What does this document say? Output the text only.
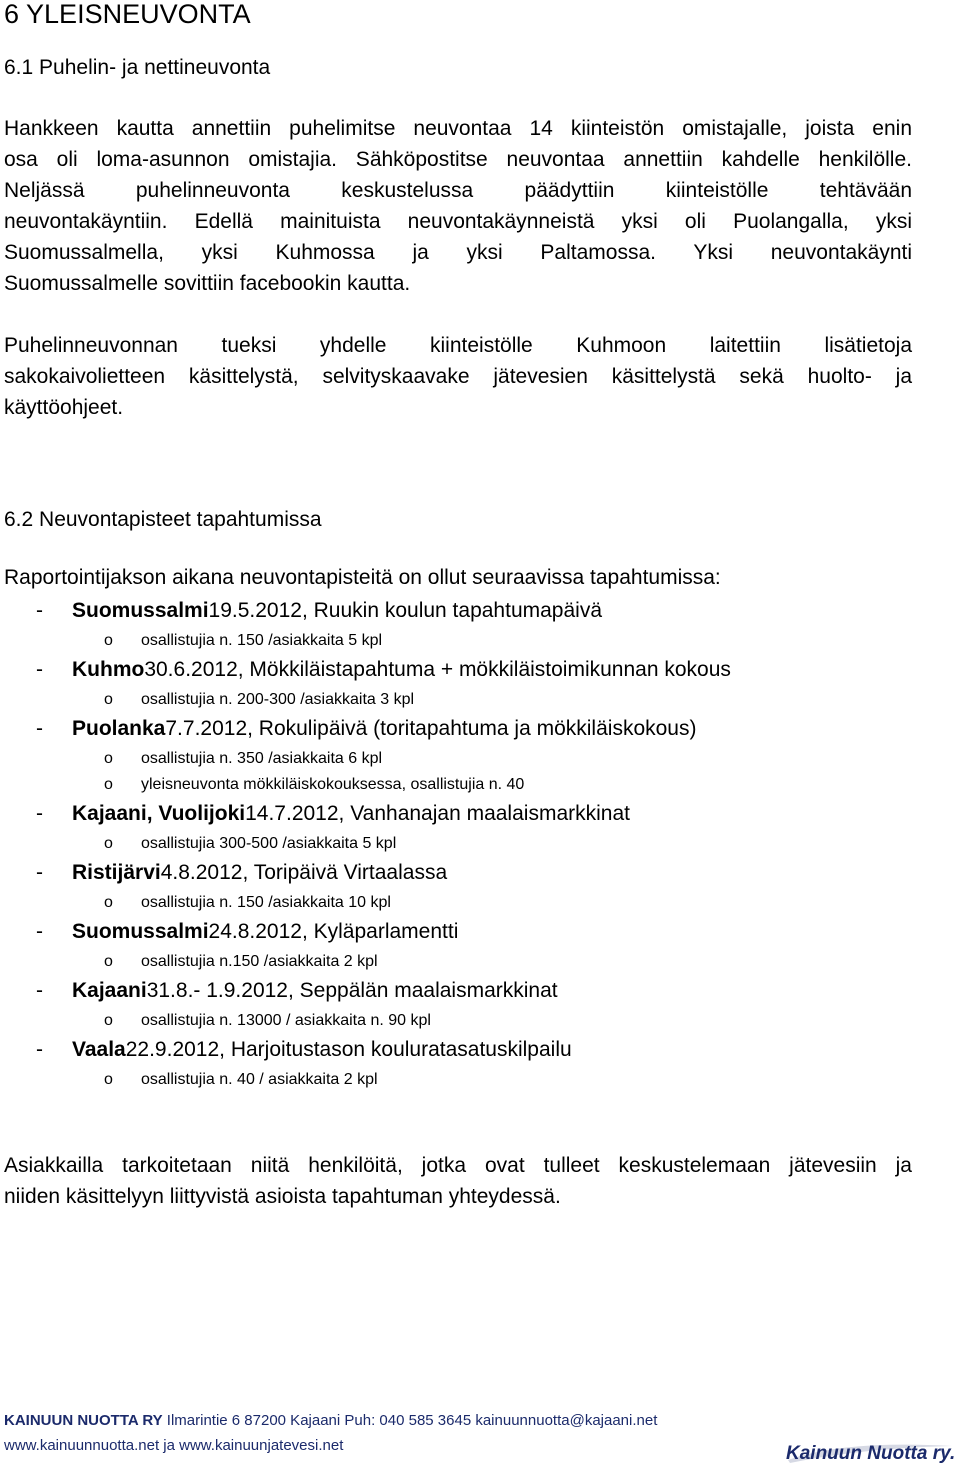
6 YLEISNEUVONTA
6.1 Puhelin- ja nettineuvonta
Hankkeen kautta annettiin puhelimitse neuvontaa 14 kiinteistön omistajalle, joista enin
osa oli loma-asunnon omistajia. Sähköpostitse neuvontaa annettiin kahdelle henkilölle.
Neljässä puhelinneuvonta keskustelussa päädyttiin kiinteistölle tehtävään
neuvontakäyntiin. Edellä mainituista neuvontakäynneistä yksi oli Puolangalla, yksi
Suomussalmella, yksi Kuhmossa ja yksi Paltamossa. Yksi neuvontakäynti
Suomussalmelle sovittiin facebookin kautta.
Puhelinneuvonnan tueksi yhdelle kiinteistölle Kuhmoon laitettiin lisätietoja
sakokaivolietteen käsittelystä, selvityskaavake jätevesien käsittelystä sekä huolto- ja
käyttöohjeet.
6.2 Neuvontapisteet tapahtumissa
Raportointijakson aikana neuvontapisteitä on ollut seuraavissa tapahtumissa:
-	Suomussalmi 19.5.2012, Ruukin koulun tapahtumapäivä
o	osallistujia n. 150 /asiakkaita 5 kpl
-	Kuhmo 30.6.2012, Mökkiläistapahtuma + mökkiläistoimikunnan kokous
o	osallistujia n. 200-300 /asiakkaita 3 kpl
-	Puolanka 7.7.2012, Rokulipäivä (toritapahtuma ja mökkiläiskokous)
o	osallistujia n. 350 /asiakkaita 6 kpl
o	yleisneuvonta mökkiläiskokouksessa, osallistujia n. 40
-	Kajaani, Vuolijoki 14.7.2012, Vanhanajan maalaismarkkinat
o	osallistujia 300-500 /asiakkaita 5 kpl
-	Ristijärvi 4.8.2012, Toripäivä Virtaalassa
o	osallistujia n. 150 /asiakkaita 10 kpl
-	Suomussalmi 24.8.2012, Kyläparlamentti
o	osallistujia n.150 /asiakkaita 2 kpl
-	Kajaani 31.8.- 1.9.2012, Seppälän maalaismarkkinat
o	osallistujia n. 13000 / asiakkaita n. 90 kpl
-	Vaala 22.9.2012, Harjoitustason kouluratasatuskilpailu
o	osallistujia n. 40 / asiakkaita 2 kpl
Asiakkailla tarkoitetaan niitä henkilöitä, jotka ovat tulleet keskustelemaan jätevesiin ja
niiden käsittelyyn liittyvistä asioista tapahtuman yhteydessä.
KAINUUN NUOTTA RY Ilmarintie 6 87200 Kajaani Puh: 040 585 3645 kainuunnuotta@kajaani.net
www.kainuunnuotta.net ja www.kainuunjatevesi.net	Kainuun Nuotta ry.
